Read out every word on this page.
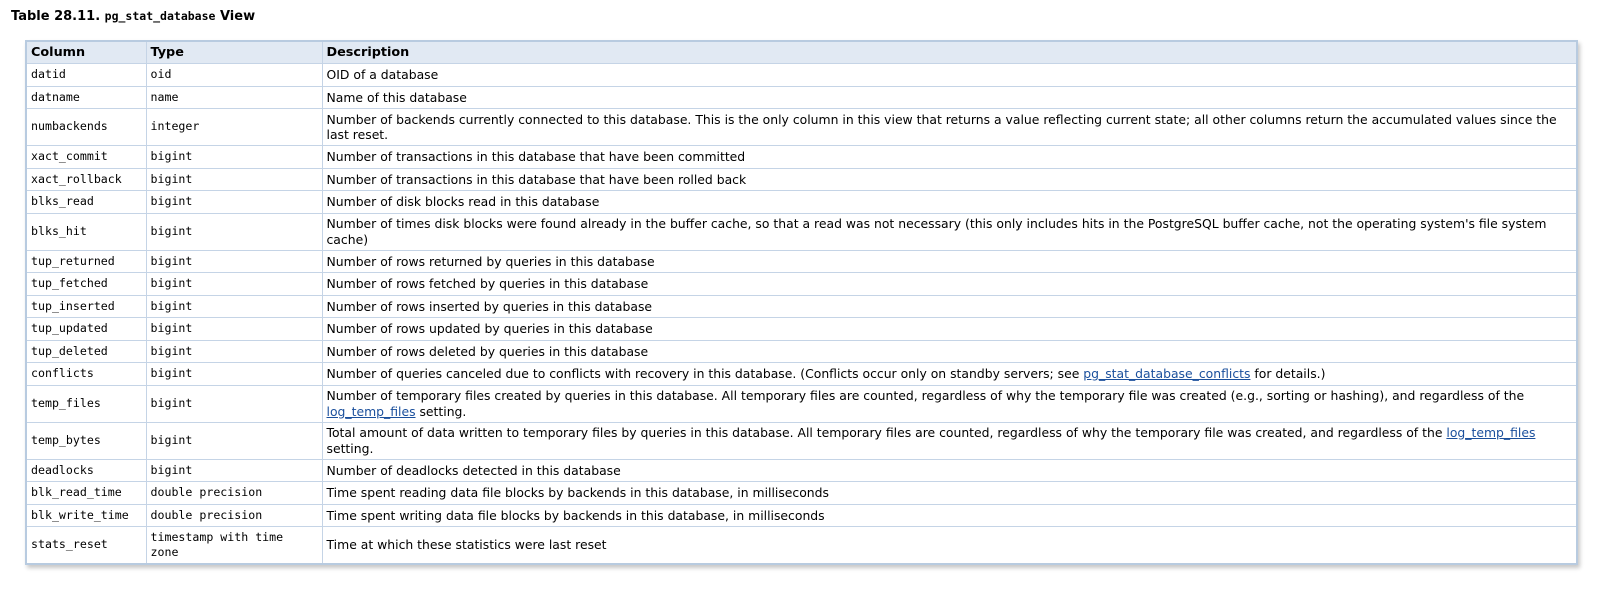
Table 28.11. pg_stat_database View
Column	Type	Description
datid	oid	OID of a database
datname	name	Name of this database
numbackends	integer	Number of backends currently connected to this database. This is the only column in this view that returns a value reflecting current state; all other columns return the accumulated values since the last reset.
xact_commit	bigint	Number of transactions in this database that have been committed
xact_rollback	bigint	Number of transactions in this database that have been rolled back
blks_read	bigint	Number of disk blocks read in this database
blks_hit	bigint	Number of times disk blocks were found already in the buffer cache, so that a read was not necessary (this only includes hits in the PostgreSQL buffer cache, not the operating system's file system cache)
tup_returned	bigint	Number of rows returned by queries in this database
tup_fetched	bigint	Number of rows fetched by queries in this database
tup_inserted	bigint	Number of rows inserted by queries in this database
tup_updated	bigint	Number of rows updated by queries in this database
tup_deleted	bigint	Number of rows deleted by queries in this database
conflicts	bigint	Number of queries canceled due to conflicts with recovery in this database. (Conflicts occur only on standby servers; see pg_stat_database_conflicts for details.)
temp_files	bigint	Number of temporary files created by queries in this database. All temporary files are counted, regardless of why the temporary file was created (e.g., sorting or hashing), and regardless of the log_temp_files setting.
temp_bytes	bigint	Total amount of data written to temporary files by queries in this database. All temporary files are counted, regardless of why the temporary file was created, and regardless of the log_temp_files setting.
deadlocks	bigint	Number of deadlocks detected in this database
blk_read_time	double precision	Time spent reading data file blocks by backends in this database, in milliseconds
blk_write_time	double precision	Time spent writing data file blocks by backends in this database, in milliseconds
stats_reset	timestamp with time zone	Time at which these statistics were last reset
